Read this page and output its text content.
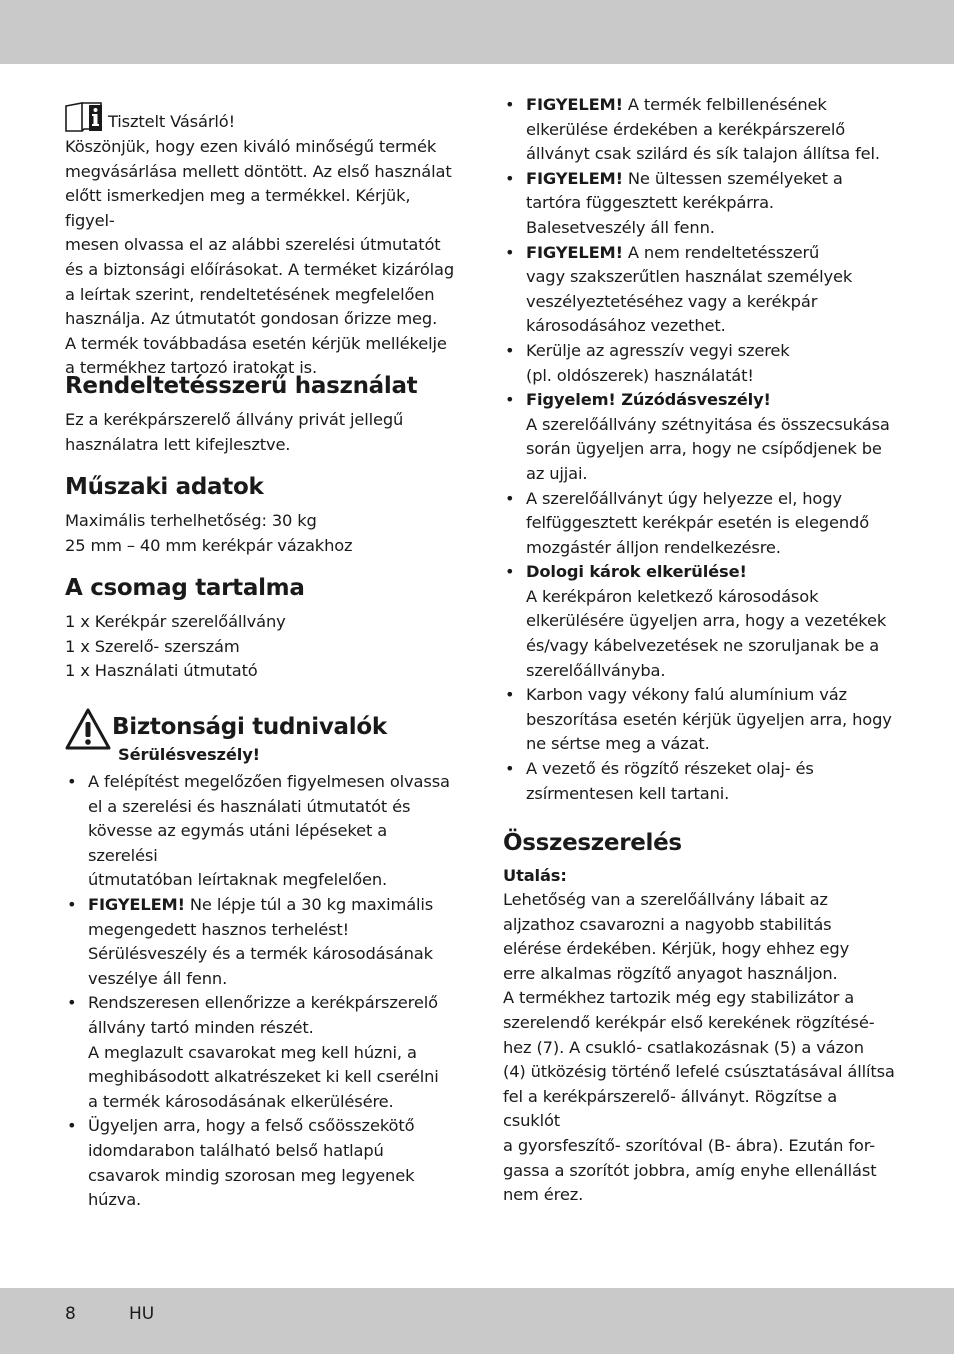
Tisztelt Vásárló!
Köszönjük, hogy ezen kiváló minőségű termék
megvásárlása mellett döntött. Az első használat
előtt ismerkedjen meg a termékkel. Kérjük, figyel-
mesen olvassa el az alábbi szerelési útmutatót
és a biztonsági előírásokat. A terméket kizárólag
a leírtak szerint, rendeltetésének megfelelően
használja. Az útmutatót gondosan őrizze meg.
A termék továbbadása esetén kérjük mellékelje
a termékhez tartozó iratokat is.
Rendeltetésszerű használat
Ez a kerékpárszerelő állvány privát jellegű
használatra lett kifejlesztve.
Műszaki adatok
Maximális terhelhetőség: 30 kg
25 mm – 40 mm kerékpár vázakhoz
A csomag tartalma
1 x Kerékpár szerelőállvány
1 x Szerelő- szerszám
1 x Használati útmutató
Biztonsági tudnivalók
Sérülésveszély!
• A felépítést megelőzően figyelmesen olvassa
el a szerelési és használati útmutatót és
kövesse az egymás utáni lépéseket a szerelési
útmutatóban leírtaknak megfelelően.
• FIGYELEM! Ne lépje túl a 30 kg maximális
megengedett hasznos terhelést!
Sérülésveszély és a termék károsodásának
veszélye áll fenn.
• Rendszeresen ellenőrizze a kerékpárszerelő
állvány tartó minden részét.
A meglazult csavarokat meg kell húzni, a
meghibásodott alkatrészeket ki kell cserélni
a termék károsodásának elkerülésére.
• Ügyeljen arra, hogy a felső csőösszekötő
idomdarabon található belső hatlapú
csavarok mindig szorosan meg legyenek
húzva.
• FIGYELEM! A termék felbillenésének
elkerülése érdekében a kerékpárszerelő
állványt csak szilárd és sík talajon állítsa fel.
• FIGYELEM! Ne ültessen személyeket a
tartóra függesztett kerékpárra.
Balesetveszély áll fenn.
• FIGYELEM! A nem rendeltetésszerű
vagy szakszerűtlen használat személyek
veszélyeztetéséhez vagy a kerékpár
károsodásához vezethet.
• Kerülje az agresszív vegyi szerek
(pl. oldószerek) használatát!
• Figyelem! Zúzódásveszély!
A szerelőállvány szétnyitása és összecsukása
során ügyeljen arra, hogy ne csípődjenek be
az ujjai.
• A szerelőállványt úgy helyezze el, hogy
felfüggesztett kerékpár esetén is elegendő
mozgástér álljon rendelkezésre.
• Dologi károk elkerülése!
A kerékpáron keletkező károsodások
elkerülésére ügyeljen arra, hogy a vezetékek
és/vagy kábelvezetések ne szoruljanak be a
szerelőállványba.
• Karbon vagy vékony falú alumínium váz
beszorítása esetén kérjük ügyeljen arra, hogy
ne sértse meg a vázat.
• A vezető és rögzítő részeket olaj- és
zsírmentesen kell tartani.
Összeszerelés
Utalás:
Lehetőség van a szerelőállvány lábait az
aljzathoz csavarozni a nagyobb stabilitás
elérése érdekében. Kérjük, hogy ehhez egy
erre alkalmas rögzítő anyagot használjon.
A termékhez tartozik még egy stabilizátor a
szerelendő kerékpár első kerekének rögzítésé-
hez (7). A csukló- csatlakozásnak (5) a vázon
(4) ütközésig történő lefelé csúsztatásával állítsa
fel a kerékpárszerelő- állványt. Rögzítse a csuklót
a gyorsfeszítő- szorítóval (B- ábra). Ezután for-
gassa a szorítót jobbra, amíg enyhe ellenállást
nem érez.
8	HU
